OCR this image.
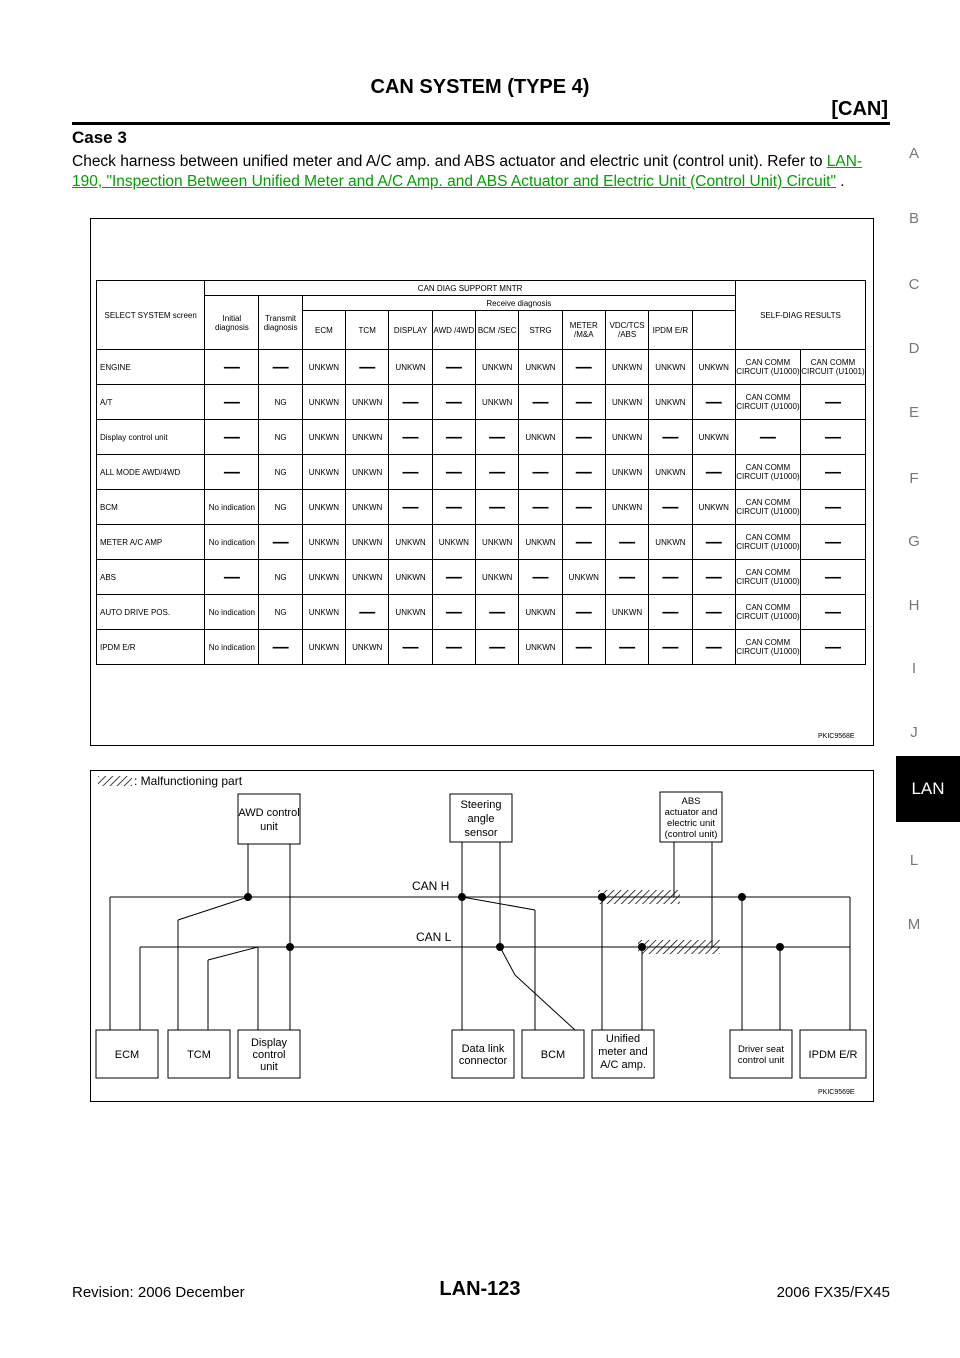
CAN SYSTEM (TYPE 4)
[CAN]
Case 3
Check harness between unified meter and A/C amp. and ABS actuator and electric unit (control unit). Refer to LAN-190, "Inspection Between Unified Meter and A/C Amp. and ABS Actuator and Electric Unit (Control Unit) Circuit" .
A
B
C
D
E
F
G
H
I
J
L
M
LAN
SELECT SYSTEM screen	CAN DIAG SUPPORT MNTR												SELF-DIAG RESULTS	
	Initial diagnosis	Transmit diagnosis	Receive diagnosis											
			ECM	TCM	DISPLAY	AWD /4WD	BCM /SEC	STRG	METER /M&A	VDC/TCS /ABS	IPDM E/R			
ENGINE	—	—	UNKWN	—	UNKWN	—	UNKWN	UNKWN	—	UNKWN	UNKWN	UNKWN	CAN COMM CIRCUIT (U1000)	CAN COMM CIRCUIT (U1001)
A/T	—	NG	UNKWN	UNKWN	—	—	UNKWN	—	—	UNKWN	UNKWN	—	CAN COMM CIRCUIT (U1000)	—
Display control unit	—	NG	UNKWN	UNKWN	—	—	—	UNKWN	—	UNKWN	—	UNKWN	—	—
ALL MODE AWD/4WD	—	NG	UNKWN	UNKWN	—	—	—	—	—	UNKWN	UNKWN	—	CAN COMM CIRCUIT (U1000)	—
BCM	No indication	NG	UNKWN	UNKWN	—	—	—	—	—	UNKWN	—	UNKWN	CAN COMM CIRCUIT (U1000)	—
METER A/C AMP	No indication	—	UNKWN	UNKWN	UNKWN	UNKWN	UNKWN	UNKWN	—	—	UNKWN	—	CAN COMM CIRCUIT (U1000)	—
ABS	—	NG	UNKWN	UNKWN	UNKWN	—	UNKWN	—	UNKWN	—	—	—	CAN COMM CIRCUIT (U1000)	—
AUTO DRIVE POS.	No indication	NG	UNKWN	—	UNKWN	—	—	UNKWN	—	UNKWN	—	—	CAN COMM CIRCUIT (U1000)	—
IPDM E/R	No indication	—	UNKWN	UNKWN	—	—	—	UNKWN	—	—	—	—	CAN COMM CIRCUIT (U1000)	—
PKIC9568E
: Malfunctioning part
AWD control
unit
Steering
angle
sensor
ABS
actuator and
electric unit
(control unit)
CAN H
CAN L
ECM	TCM
Display
control
unit
Data link
connector	BCM
Unified
meter and
A/C amp.
Driver seat
control unit IPDM E/R
PKIC9569E
Revision: 2006 December	LAN-123	2006 FX35/FX45
